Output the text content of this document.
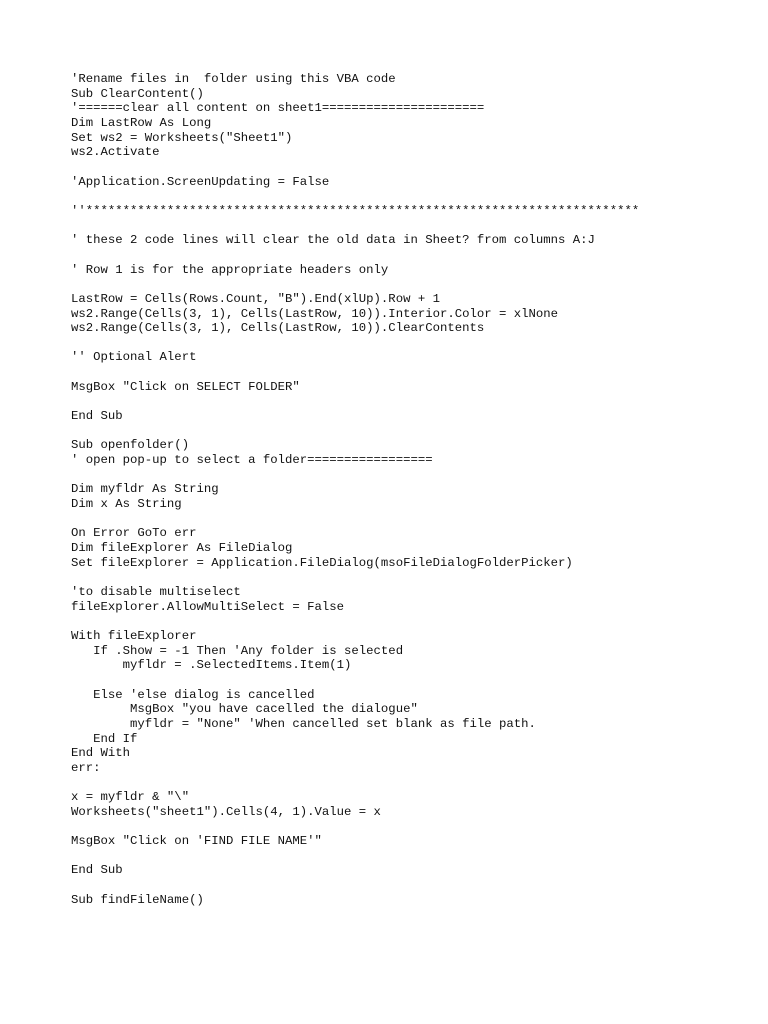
'Rename files in  folder using this VBA code
Sub ClearContent()
'======clear all content on sheet1======================
Dim LastRow As Long
Set ws2 = Worksheets("Sheet1")
ws2.Activate
'Application.ScreenUpdating = False
''***************************************************************************
' these 2 code lines will clear the old data in Sheet? from columns A:J
' Row 1 is for the appropriate headers only
LastRow = Cells(Rows.Count, "B").End(xlUp).Row + 1
ws2.Range(Cells(3, 1), Cells(LastRow, 10)).Interior.Color = xlNone
ws2.Range(Cells(3, 1), Cells(LastRow, 10)).ClearContents
'' Optional Alert
MsgBox "Click on SELECT FOLDER"
End Sub
Sub openfolder()
' open pop-up to select a folder=================
Dim myfldr As String
Dim x As String
On Error GoTo err
Dim fileExplorer As FileDialog
Set fileExplorer = Application.FileDialog(msoFileDialogFolderPicker)
'to disable multiselect
fileExplorer.AllowMultiSelect = False
With fileExplorer
If .Show = -1 Then 'Any folder is selected
myfldr = .SelectedItems.Item(1)
Else 'else dialog is cancelled
MsgBox "you have cacelled the dialogue"
myfldr = "None" 'When cancelled set blank as file path.
End If
End With
err:
x = myfldr & "\"
Worksheets("sheet1").Cells(4, 1).Value = x
MsgBox "Click on 'FIND FILE NAME'"
End Sub
Sub findFileName()
